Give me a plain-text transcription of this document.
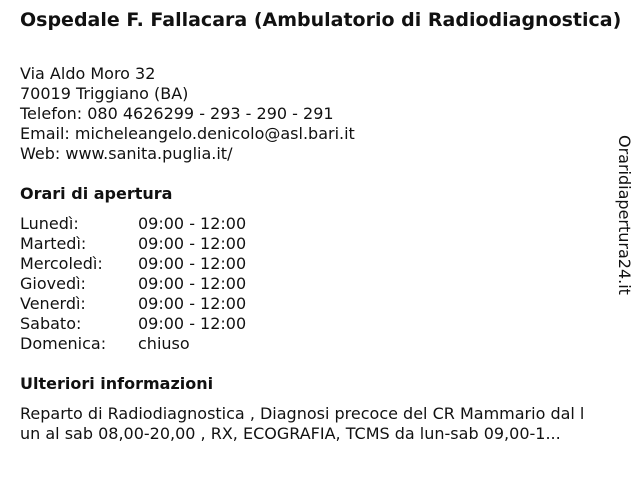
Ospedale F. Fallacara (Ambulatorio di Radiodiagnostica)
Via Aldo Moro 32
70019 Triggiano (BA)
Telefon: 080 4626299 - 293 - 290 - 291
Email: micheleangelo.denicolo@asl.bari.it
Web: www.sanita.puglia.it/
Orari di apertura
Lunedì:	09:00 - 12:00
Martedì:	09:00 - 12:00
Mercoledì:	09:00 - 12:00
Giovedì:	09:00 - 12:00
Venerdì:	09:00 - 12:00
Sabato:	09:00 - 12:00
Domenica:	chiuso
Ulteriori informazioni
Reparto di Radiodiagnostica , Diagnosi precoce del CR Mammario dal l
un al sab 08,00-20,00 , RX, ECOGRAFIA, TCMS da lun-sab 09,00-1...
Oraridiapertura24.it
